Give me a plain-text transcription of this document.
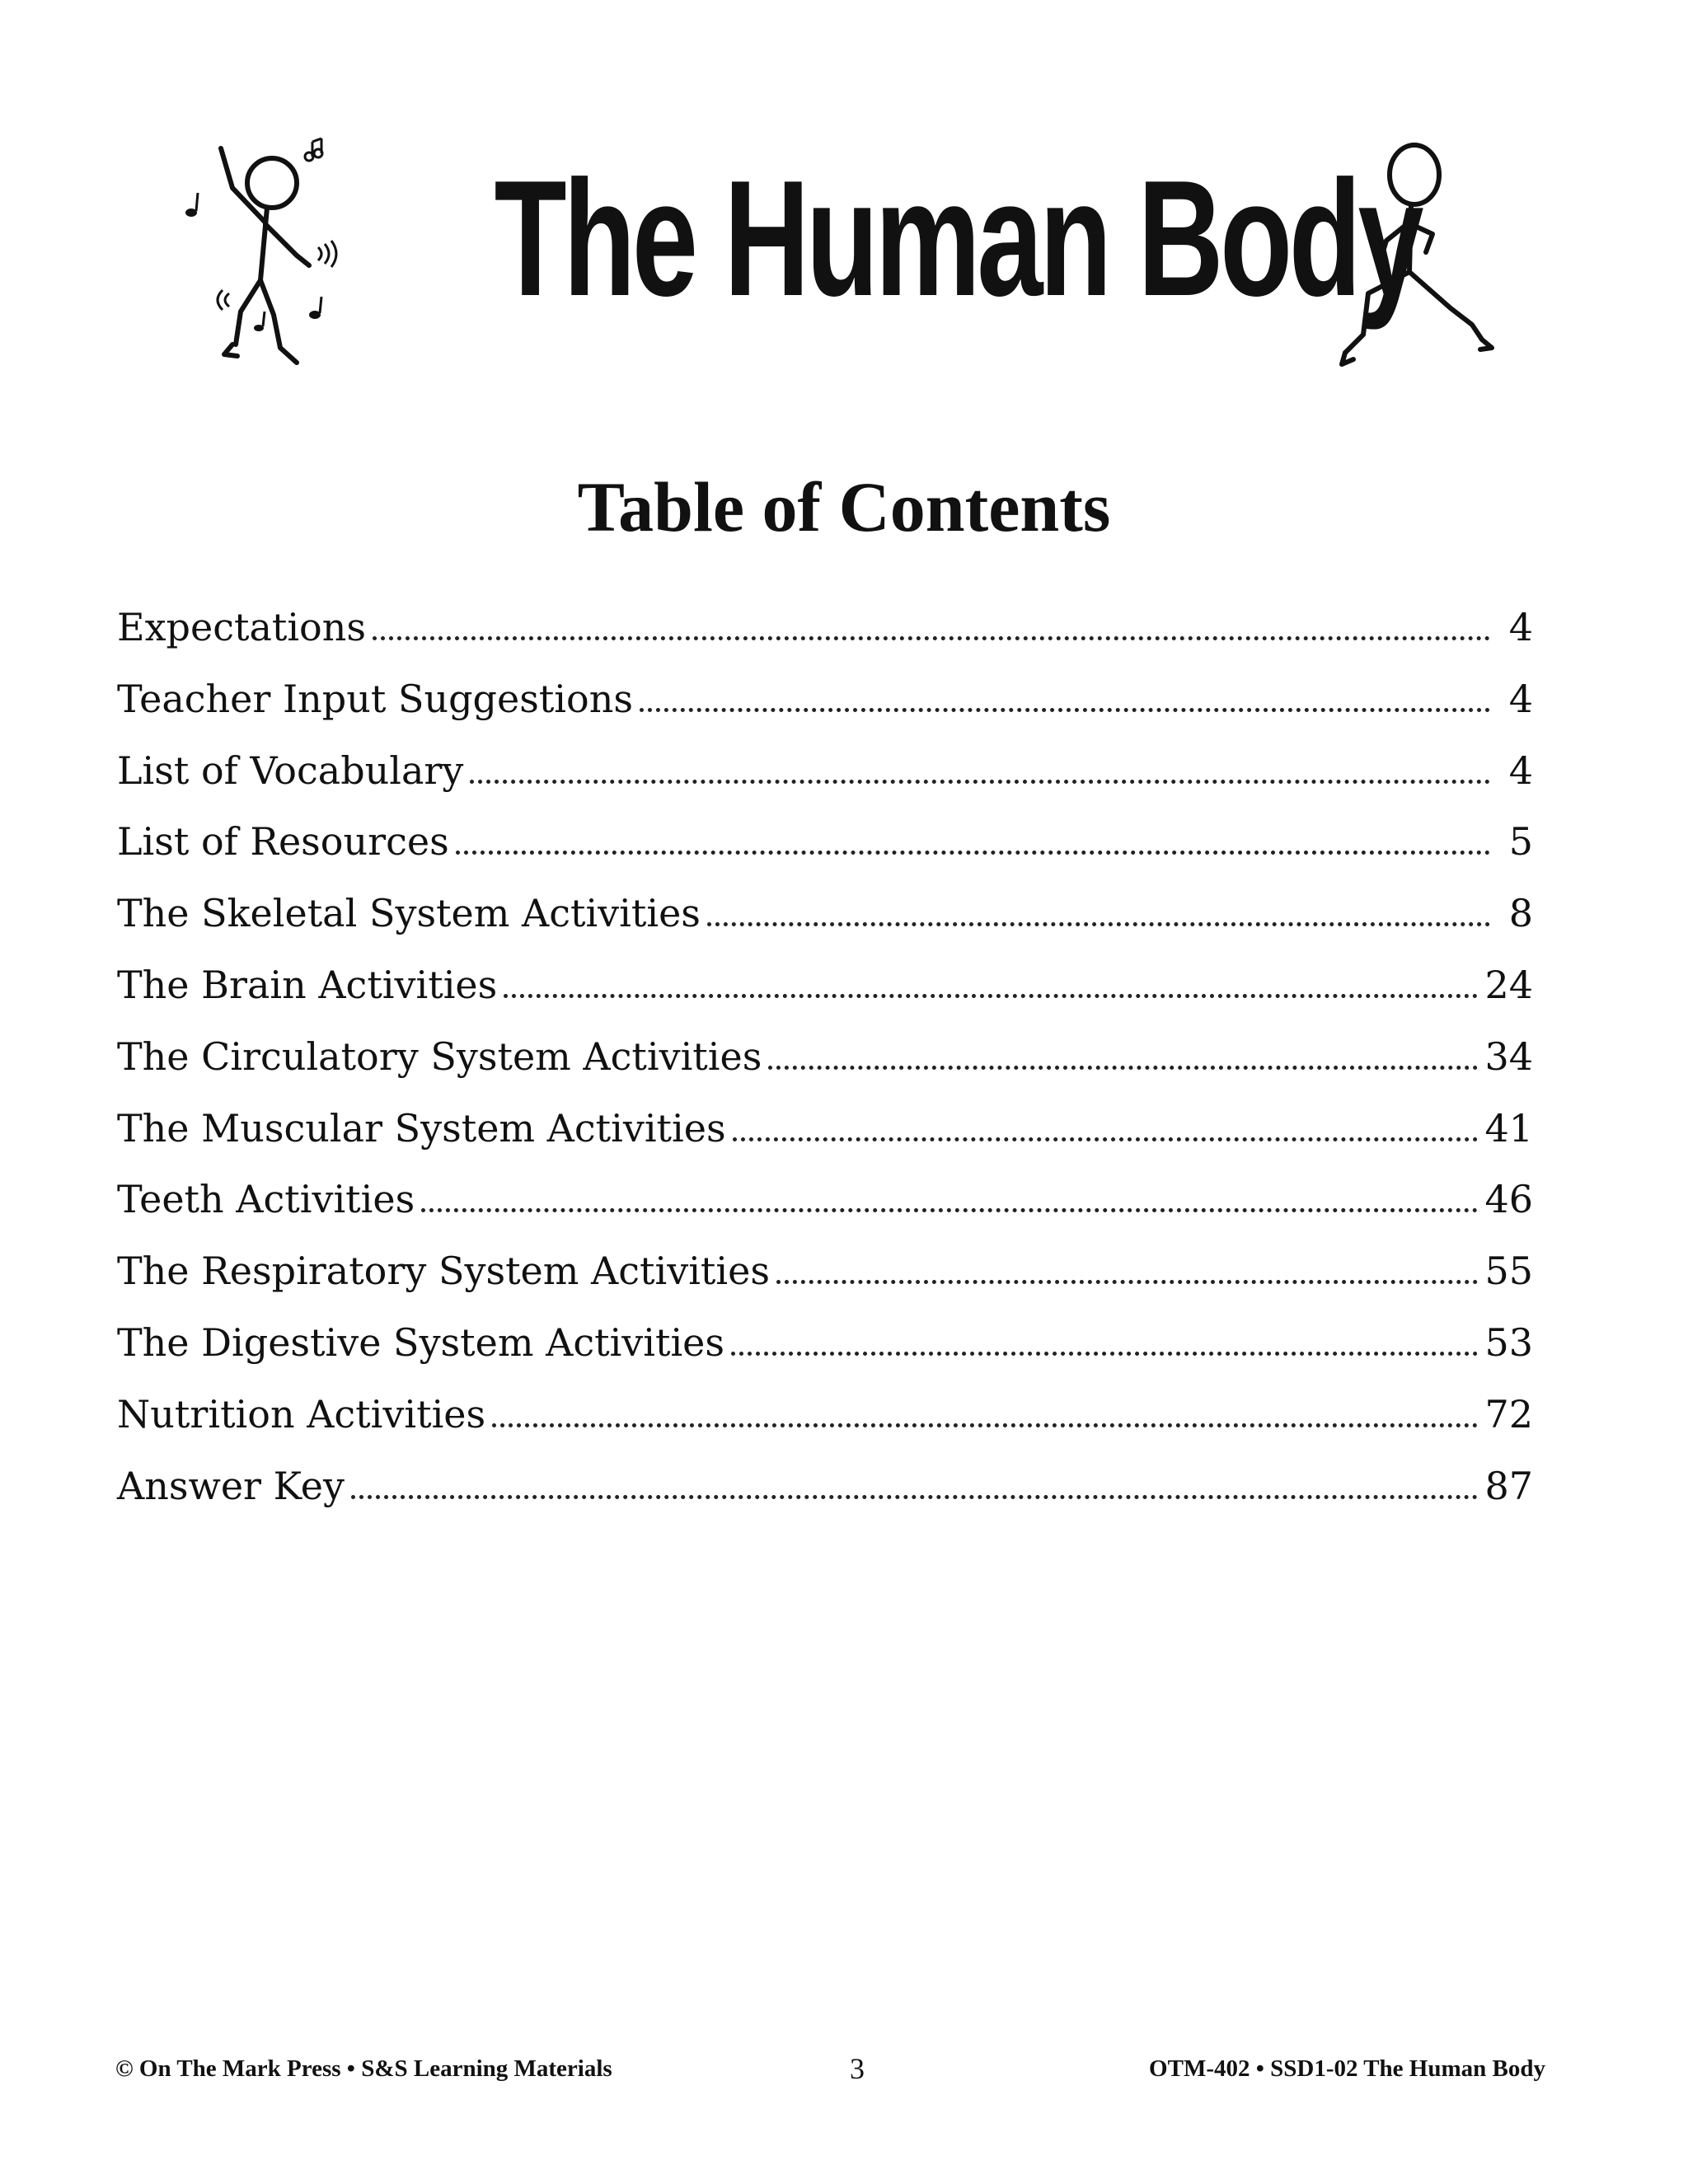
The Human Body
Table of Contents
Expectations	4
Teacher Input Suggestions	4
List of Vocabulary	4
List of Resources	5
The Skeletal System Activities	8
The Brain Activities	24
The Circulatory System Activities	34
The Muscular System Activities	41
Teeth Activities	46
The Respiratory System Activities	55
The Digestive System Activities	53
Nutrition Activities	72
Answer Key	87
© On The Mark Press • S&S Learning Materials	3	OTM-402 • SSD1-02 The Human Body
